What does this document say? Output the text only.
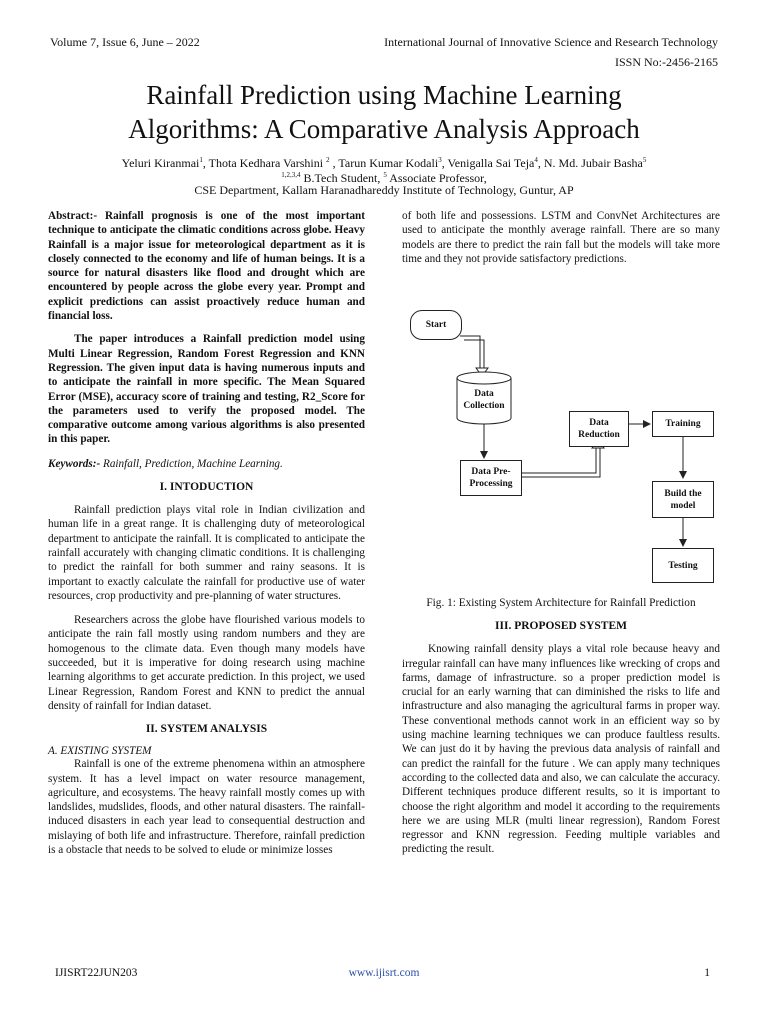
Volume 7, Issue 6, June – 2022	International Journal of Innovative Science and Research Technology
ISSN No:-2456-2165
Rainfall Prediction using Machine Learning
Algorithms: A Comparative Analysis Approach
Yeluri Kiranmai$^1$, Thota Kedhara Varshini $^2$ , Tarun Kumar Kodali$^3$, Venigalla Sai Teja$^4$, N. Md. Jubair Basha$^5$
$^{1,2,3,4}$ B.Tech Student, $^5$ Associate Professor,
CSE Department, Kallam Haranadhareddy Institute of Technology, Guntur, AP

Abstract:- Rainfall prognosis is one of the most important technique to anticipate the climatic conditions across globe. Heavy Rainfall is a major issue for meteorological department as it is closely connected to the economy and life of human beings. It is a source for natural disasters like flood and drought which are encountered by people across the globe every year. Prompt and explicit predictions can assist proactively reduce human and financial loss.

The paper introduces a Rainfall prediction model using Multi Linear Regression, Random Forest Regression and KNN Regression. The given input data is having numerous inputs and to anticipate the rainfall in more specific. The Mean Squared Error (MSE), accuracy score of training and testing, R2_Score for the parameters used to verify the proposed model. The comparative outcome among various algorithms is also presented in this paper.

Keywords:- Rainfall, Prediction, Machine Learning.

I. INTODUCTION

Rainfall prediction plays vital role in Indian civilization and human life in a great range. It is challenging duty of meteorological department to anticipate the rainfall. It is complicated to anticipate the rainfall accurately with changing climatic conditions. It is challenging to predict the rainfall for both summer and rainy seasons. It is important to exactly calculate the rainfall for productive use of water resources, crop productivity and pre-planning of water structures.

Researchers across the globe have flourished various models to anticipate the rain fall mostly using random numbers and they are homogenous to the climate data. Even though many models have succeeded, but it is imperative for doing research using machine learning algorithms to get accurate prediction. In this project, we used Linear Regression, Random Forest and KNN to predict the annual density of rainfall for Indian dataset.

II. SYSTEM ANALYSIS

A. EXISTING SYSTEM

Rainfall is one of the extreme phenomena within an atmosphere system. It has a level impact on water resource management, agriculture, and ecosystems. The heavy rainfall mostly comes up with landslides, mudslides, floods, and other natural disasters. The rainfall-induced disasters in each year lead to consequential destruction and mislaying of both life and infrastructure. Therefore, rainfall prediction is a obstacle that needs to be solved to elude or minimize losses

of both life and possessions. LSTM and ConvNet Architectures are used to anticipate the monthly average rainfall. There are so many models are there to predict the rain fall but the models will take more time and they not provide satisfactory predictions.

Start
Data
Collection
Data
Reduction
Training
Data Pre-
Processing
Build the
model
Testing

Fig. 1: Existing System Architecture for Rainfall Prediction

III. PROPOSED SYSTEM

Knowing rainfall density plays a vital role because heavy and irregular rainfall can have many influences like wrecking of crops and farms, damage of infrastructure. so a proper prediction model is crucial for an early warning that can diminished the risks to life and infrastructure and also managing the agricultural farms in proper way. These conventional methods cannot work in an efficient way so by using machine learning techniques we can produce faultless results. We can just do it by having the previous data analysis of rainfall and can predict the rainfall for the future . We can apply many techniques according to the collected data and also, we can calculate the accuracy. Different techniques produce different results, so it is important to choose the right algorithm and model it according to the requirements here we are using MLR (multi linear regression), Random Forest regressor and KNN regression. Feeding multiple variables and predicting the result.

IJISRT22JUN203	www.ijisrt.com	1
